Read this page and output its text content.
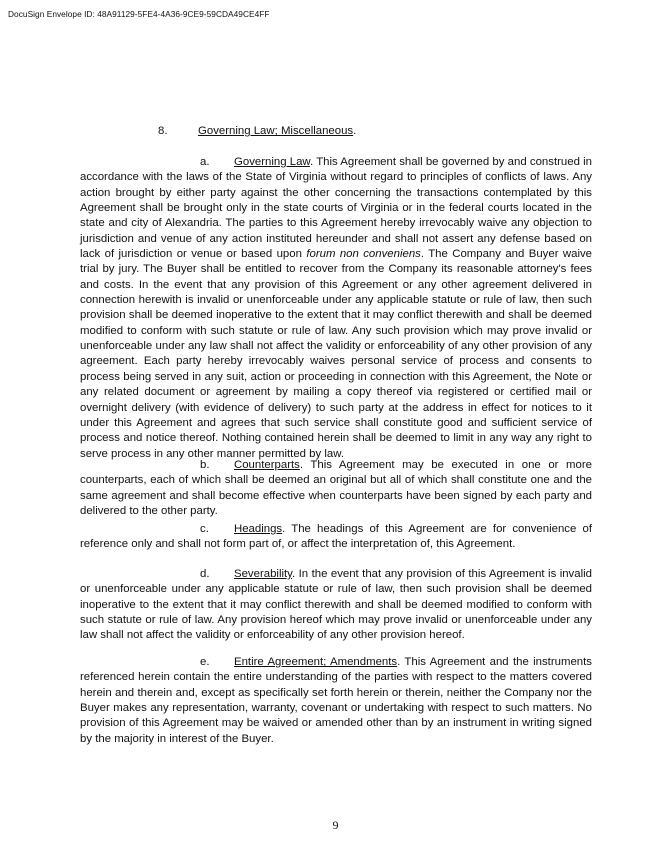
DocuSign Envelope ID: 48A91129-5FE4-4A36-9CE9-59CDA49CE4FF
8.	Governing Law; Miscellaneous.
a. Governing Law. This Agreement shall be governed by and construed in accordance with the laws of the State of Virginia without regard to principles of conflicts of laws. Any action brought by either party against the other concerning the transactions contemplated by this Agreement shall be brought only in the state courts of Virginia or in the federal courts located in the state and city of Alexandria. The parties to this Agreement hereby irrevocably waive any objection to jurisdiction and venue of any action instituted hereunder and shall not assert any defense based on lack of jurisdiction or venue or based upon forum non conveniens. The Company and Buyer waive trial by jury. The Buyer shall be entitled to recover from the Company its reasonable attorney's fees and costs. In the event that any provision of this Agreement or any other agreement delivered in connection herewith is invalid or unenforceable under any applicable statute or rule of law, then such provision shall be deemed inoperative to the extent that it may conflict therewith and shall be deemed modified to conform with such statute or rule of law. Any such provision which may prove invalid or unenforceable under any law shall not affect the validity or enforceability of any other provision of any agreement. Each party hereby irrevocably waives personal service of process and consents to process being served in any suit, action or proceeding in connection with this Agreement, the Note or any related document or agreement by mailing a copy thereof via registered or certified mail or overnight delivery (with evidence of delivery) to such party at the address in effect for notices to it under this Agreement and agrees that such service shall constitute good and sufficient service of process and notice thereof. Nothing contained herein shall be deemed to limit in any way any right to serve process in any other manner permitted by law.
b. Counterparts. This Agreement may be executed in one or more counterparts, each of which shall be deemed an original but all of which shall constitute one and the same agreement and shall become effective when counterparts have been signed by each party and delivered to the other party.
c. Headings. The headings of this Agreement are for convenience of reference only and shall not form part of, or affect the interpretation of, this Agreement.
d. Severability. In the event that any provision of this Agreement is invalid or unenforceable under any applicable statute or rule of law, then such provision shall be deemed inoperative to the extent that it may conflict therewith and shall be deemed modified to conform with such statute or rule of law. Any provision hereof which may prove invalid or unenforceable under any law shall not affect the validity or enforceability of any other provision hereof.
e. Entire Agreement; Amendments. This Agreement and the instruments referenced herein contain the entire understanding of the parties with respect to the matters covered herein and therein and, except as specifically set forth herein or therein, neither the Company nor the Buyer makes any representation, warranty, covenant or undertaking with respect to such matters. No provision of this Agreement may be waived or amended other than by an instrument in writing signed by the majority in interest of the Buyer.
9
